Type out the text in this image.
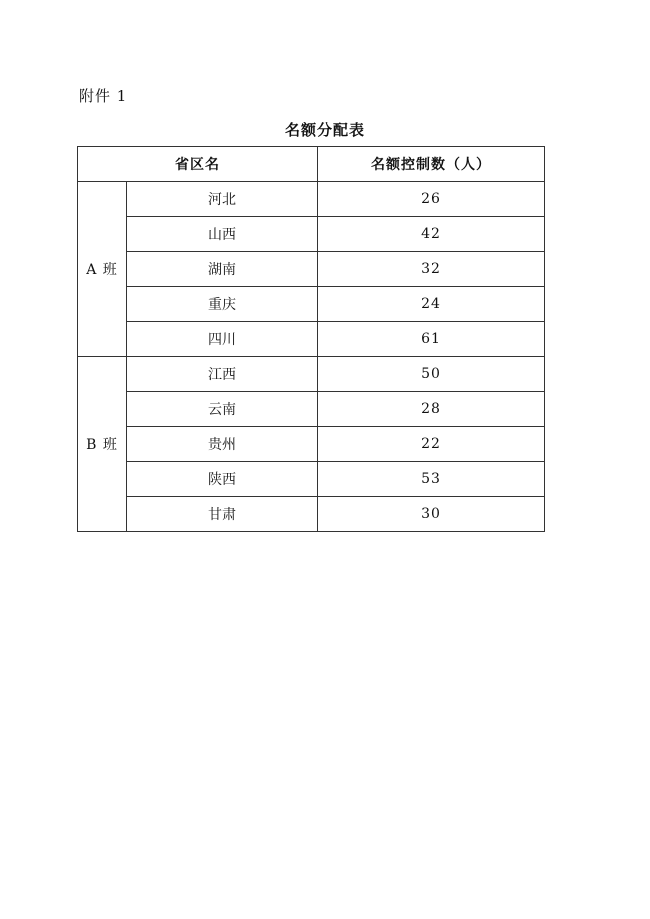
附件 1
名额分配表
省区名		名额控制数（人）
A 班	河北	26
	山西	42
	湖南	32
	重庆	24
	四川	61
B 班	江西	50
	云南	28
	贵州	22
	陕西	53
	甘肃	30
